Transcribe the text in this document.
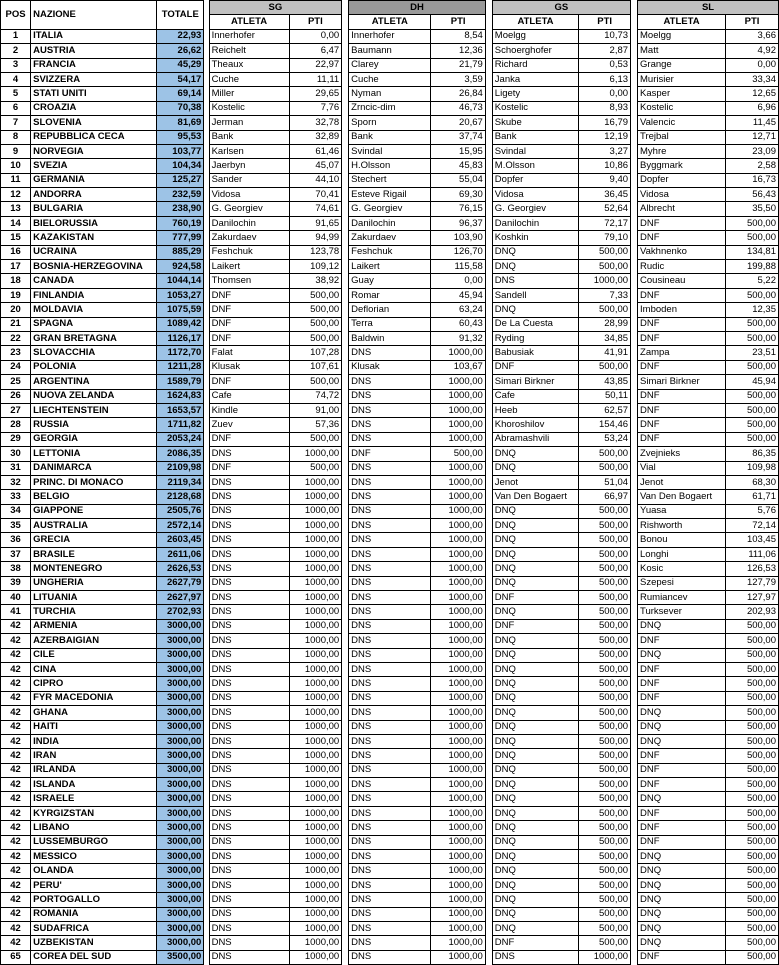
POS	NAZIONE	TOTALE		SG			DH			GS			SL	
				ATLETA	PTI		ATLETA	PTI		ATLETA	PTI		ATLETA	PTI
1	ITALIA	22,93		Innerhofer	0,00		Innerhofer	8,54		Moelgg	10,73		Moelgg	3,66
2	AUSTRIA	26,62		Reichelt	6,47		Baumann	12,36		Schoerghofer	2,87		Matt	4,92
3	FRANCIA	45,29		Theaux	22,97		Clarey	21,79		Richard	0,53		Grange	0,00
4	SVIZZERA	54,17		Cuche	11,11		Cuche	3,59		Janka	6,13		Murisier	33,34
5	STATI UNITI	69,14		Miller	29,65		Nyman	26,84		Ligety	0,00		Kasper	12,65
6	CROAZIA	70,38		Kostelic	7,76		Zrncic-dim	46,73		Kostelic	8,93		Kostelic	6,96
7	SLOVENIA	81,69		Jerman	32,78		Sporn	20,67		Skube	16,79		Valencic	11,45
8	REPUBBLICA CECA	95,53		Bank	32,89		Bank	37,74		Bank	12,19		Trejbal	12,71
9	NORVEGIA	103,77		Karlsen	61,46		Svindal	15,95		Svindal	3,27		Myhre	23,09
10	SVEZIA	104,34		Jaerbyn	45,07		H.Olsson	45,83		M.Olsson	10,86		Byggmark	2,58
11	GERMANIA	125,27		Sander	44,10		Stechert	55,04		Dopfer	9,40		Dopfer	16,73
12	ANDORRA	232,59		Vidosa	70,41		Esteve Rigail	69,30		Vidosa	36,45		Vidosa	56,43
13	BULGARIA	238,90		G. Georgiev	74,61		G. Georgiev	76,15		G. Georgiev	52,64		Albrecht	35,50
14	BIELORUSSIA	760,19		Danilochin	91,65		Danilochin	96,37		Danilochin	72,17		DNF	500,00
15	KAZAKISTAN	777,99		Zakurdaev	94,99		Zakurdaev	103,90		Koshkin	79,10		DNF	500,00
16	UCRAINA	885,29		Feshchuk	123,78		Feshchuk	126,70		DNQ	500,00		Vakhnenko	134,81
17	BOSNIA-HERZEGOVINA	924,58		Laikert	109,12		Laikert	115,58		DNQ	500,00		Rudic	199,88
18	CANADA	1044,14		Thomsen	38,92		Guay	0,00		DNS	1000,00		Cousineau	5,22
19	FINLANDIA	1053,27		DNF	500,00		Romar	45,94		Sandell	7,33		DNF	500,00
20	MOLDAVIA	1075,59		DNF	500,00		Deflorian	63,24		DNQ	500,00		Imboden	12,35
21	SPAGNA	1089,42		DNF	500,00		Terra	60,43		De La Cuesta	28,99		DNF	500,00
22	GRAN BRETAGNA	1126,17		DNF	500,00		Baldwin	91,32		Ryding	34,85		DNF	500,00
23	SLOVACCHIA	1172,70		Falat	107,28		DNS	1000,00		Babusiak	41,91		Zampa	23,51
24	POLONIA	1211,28		Klusak	107,61		Klusak	103,67		DNF	500,00		DNF	500,00
25	ARGENTINA	1589,79		DNF	500,00		DNS	1000,00		Simari Birkner	43,85		Simari Birkner	45,94
26	NUOVA ZELANDA	1624,83		Cafe	74,72		DNS	1000,00		Cafe	50,11		DNF	500,00
27	LIECHTENSTEIN	1653,57		Kindle	91,00		DNS	1000,00		Heeb	62,57		DNF	500,00
28	RUSSIA	1711,82		Zuev	57,36		DNS	1000,00		Khoroshilov	154,46		DNF	500,00
29	GEORGIA	2053,24		DNF	500,00		DNS	1000,00		Abramashvili	53,24		DNF	500,00
30	LETTONIA	2086,35		DNS	1000,00		DNF	500,00		DNQ	500,00		Zvejnieks	86,35
31	DANIMARCA	2109,98		DNF	500,00		DNS	1000,00		DNQ	500,00		Vial	109,98
32	PRINC. DI MONACO	2119,34		DNS	1000,00		DNS	1000,00		Jenot	51,04		Jenot	68,30
33	BELGIO	2128,68		DNS	1000,00		DNS	1000,00		Van Den Bogaert	66,97		Van Den Bogaert	61,71
34	GIAPPONE	2505,76		DNS	1000,00		DNS	1000,00		DNQ	500,00		Yuasa	5,76
35	AUSTRALIA	2572,14		DNS	1000,00		DNS	1000,00		DNQ	500,00		Rishworth	72,14
36	GRECIA	2603,45		DNS	1000,00		DNS	1000,00		DNQ	500,00		Bonou	103,45
37	BRASILE	2611,06		DNS	1000,00		DNS	1000,00		DNQ	500,00		Longhi	111,06
38	MONTENEGRO	2626,53		DNS	1000,00		DNS	1000,00		DNQ	500,00		Kosic	126,53
39	UNGHERIA	2627,79		DNS	1000,00		DNS	1000,00		DNQ	500,00		Szepesi	127,79
40	LITUANIA	2627,97		DNS	1000,00		DNS	1000,00		DNF	500,00		Rumiancev	127,97
41	TURCHIA	2702,93		DNS	1000,00		DNS	1000,00		DNQ	500,00		Turksever	202,93
42	ARMENIA	3000,00		DNS	1000,00		DNS	1000,00		DNF	500,00		DNQ	500,00
42	AZERBAIGIAN	3000,00		DNS	1000,00		DNS	1000,00		DNQ	500,00		DNF	500,00
42	CILE	3000,00		DNS	1000,00		DNS	1000,00		DNQ	500,00		DNQ	500,00
42	CINA	3000,00		DNS	1000,00		DNS	1000,00		DNQ	500,00		DNF	500,00
42	CIPRO	3000,00		DNS	1000,00		DNS	1000,00		DNQ	500,00		DNF	500,00
42	FYR MACEDONIA	3000,00		DNS	1000,00		DNS	1000,00		DNQ	500,00		DNF	500,00
42	GHANA	3000,00		DNS	1000,00		DNS	1000,00		DNQ	500,00		DNQ	500,00
42	HAITI	3000,00		DNS	1000,00		DNS	1000,00		DNQ	500,00		DNQ	500,00
42	INDIA	3000,00		DNS	1000,00		DNS	1000,00		DNQ	500,00		DNQ	500,00
42	IRAN	3000,00		DNS	1000,00		DNS	1000,00		DNQ	500,00		DNF	500,00
42	IRLANDA	3000,00		DNS	1000,00		DNS	1000,00		DNQ	500,00		DNF	500,00
42	ISLANDA	3000,00		DNS	1000,00		DNS	1000,00		DNQ	500,00		DNF	500,00
42	ISRAELE	3000,00		DNS	1000,00		DNS	1000,00		DNQ	500,00		DNQ	500,00
42	KYRGIZSTAN	3000,00		DNS	1000,00		DNS	1000,00		DNQ	500,00		DNF	500,00
42	LIBANO	3000,00		DNS	1000,00		DNS	1000,00		DNQ	500,00		DNF	500,00
42	LUSSEMBURGO	3000,00		DNS	1000,00		DNS	1000,00		DNQ	500,00		DNF	500,00
42	MESSICO	3000,00		DNS	1000,00		DNS	1000,00		DNQ	500,00		DNQ	500,00
42	OLANDA	3000,00		DNS	1000,00		DNS	1000,00		DNQ	500,00		DNQ	500,00
42	PERU'	3000,00		DNS	1000,00		DNS	1000,00		DNQ	500,00		DNQ	500,00
42	PORTOGALLO	3000,00		DNS	1000,00		DNS	1000,00		DNQ	500,00		DNQ	500,00
42	ROMANIA	3000,00		DNS	1000,00		DNS	1000,00		DNQ	500,00		DNQ	500,00
42	SUDAFRICA	3000,00		DNS	1000,00		DNS	1000,00		DNQ	500,00		DNQ	500,00
42	UZBEKISTAN	3000,00		DNS	1000,00		DNS	1000,00		DNF	500,00		DNQ	500,00
65	COREA DEL SUD	3500,00		DNS	1000,00		DNS	1000,00		DNS	1000,00		DNF	500,00
